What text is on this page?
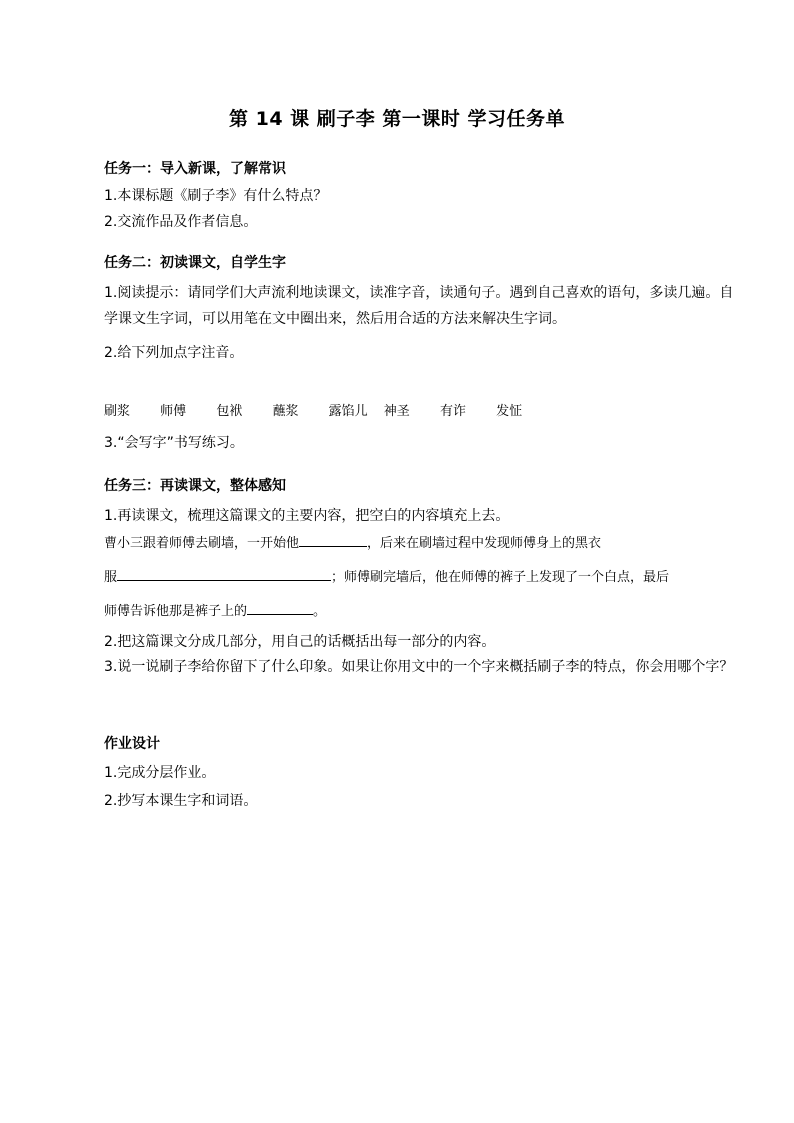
第 14 课 刷子李 第一课时 学习任务单
任务一：导入新课，了解常识
1.本课标题《刷子李》有什么特点？
2.交流作品及作者信息。
任务二：初读课文，自学生字
1.阅读提示：请同学们大声流利地读课文，读准字音，读通句子。遇到自己喜欢的语句，多读几遍。自学课文生字词，可以用笔在文中圈出来，然后用合适的方法来解决生字词。
2.给下列加点字注音。
刷浆 师傅 包袱 蘸浆 露馅儿 神圣 有诈 发怔
3.“会写字”书写练习。
任务三：再读课文，整体感知
1.再读课文，梳理这篇课文的主要内容，把空白的内容填充上去。
曹小三跟着师傅去刷墙，一开始他	，后来在刷墙过程中发现师傅身上的黑衣
服	；师傅刷完墙后，他在师傅的裤子上发现了一个白点，最后
师傅告诉他那是裤子上的	。
2.把这篇课文分成几部分，用自己的话概括出每一部分的内容。
3.说一说刷子李给你留下了什么印象。如果让你用文中的一个字来概括刷子李的特点，你会用哪个字？
作业设计
1.完成分层作业。
2.抄写本课生字和词语。
